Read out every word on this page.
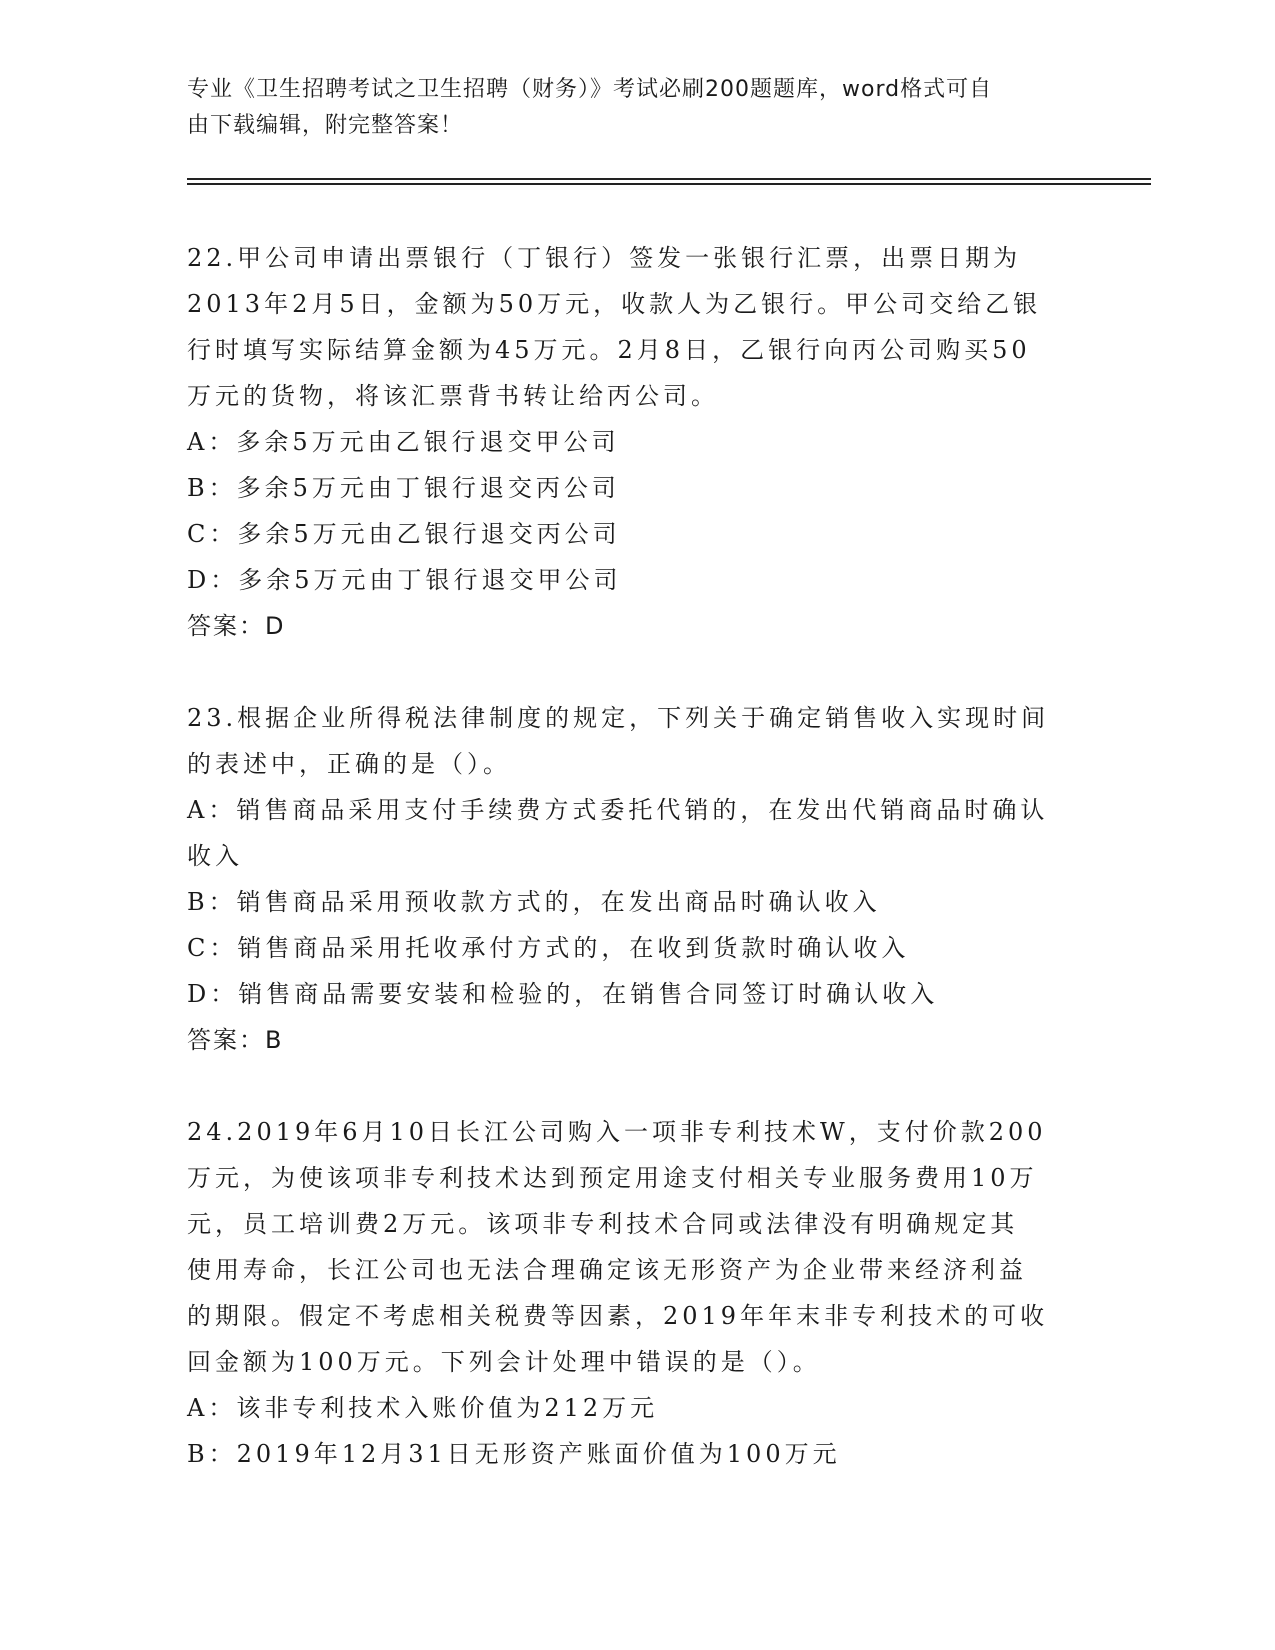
专业《卫生招聘考试之卫生招聘（财务）》考试必刷200题题库，word格式可自
由下载编辑，附完整答案！
22.甲公司申请出票银行（丁银行）签发一张银行汇票，出票日期为
2013年2月5日，金额为50万元，收款人为乙银行。甲公司交给乙银
行时填写实际结算金额为45万元。2月8日，乙银行向丙公司购买50
万元的货物，将该汇票背书转让给丙公司。
A：多余5万元由乙银行退交甲公司
B：多余5万元由丁银行退交丙公司
C：多余5万元由乙银行退交丙公司
D：多余5万元由丁银行退交甲公司
答案：D
23.根据企业所得税法律制度的规定，下列关于确定销售收入实现时间
的表述中，正确的是（）。
A：销售商品采用支付手续费方式委托代销的，在发出代销商品时确认
收入
B：销售商品采用预收款方式的，在发出商品时确认收入
C：销售商品采用托收承付方式的，在收到货款时确认收入
D：销售商品需要安装和检验的，在销售合同签订时确认收入
答案：B
24.2019年6月10日长江公司购入一项非专利技术W，支付价款200
万元，为使该项非专利技术达到预定用途支付相关专业服务费用10万
元，员工培训费2万元。该项非专利技术合同或法律没有明确规定其
使用寿命，长江公司也无法合理确定该无形资产为企业带来经济利益
的期限。假定不考虑相关税费等因素，2019年年末非专利技术的可收
回金额为100万元。下列会计处理中错误的是（）。
A：该非专利技术入账价值为212万元
B：2019年12月31日无形资产账面价值为100万元
